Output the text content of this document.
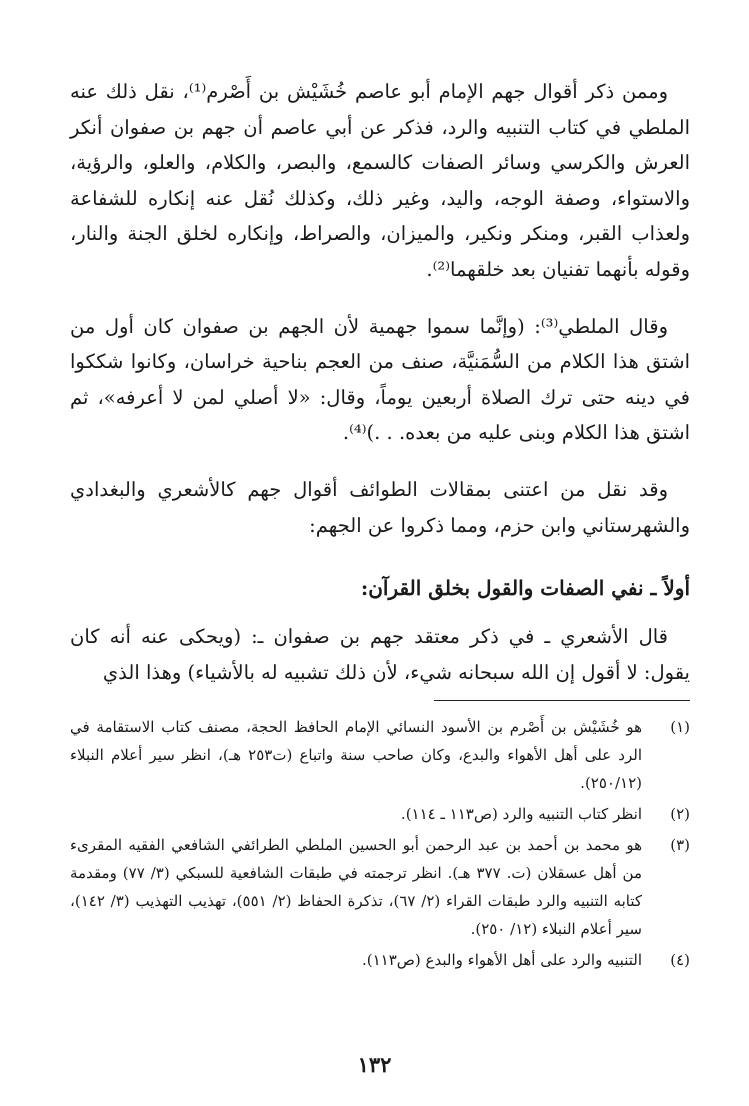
وممن ذكر أقوال جهم الإمام أبو عاصم خُشَيْش بن أَصْرم⁽¹⁾، نقل ذلك عنه الملطي في كتاب التنبيه والرد، فذكر عن أبي عاصم أن جهم بن صفوان أنكر العرش والكرسي وسائر الصفات كالسمع، والبصر، والكلام، والعلو، والرؤية، والاستواء، وصفة الوجه، واليد، وغير ذلك، وكذلك نُقل عنه إنكاره للشفاعة ولعذاب القبر، ومنكر ونكير، والميزان، والصراط، وإنكاره لخلق الجنة والنار، وقوله بأنهما تفنيان بعد خلقهما⁽²⁾.

وقال الملطي⁽³⁾: (وإنَّما سموا جهمية لأن الجهم بن صفوان كان أول من اشتق هذا الكلام من السُّمَنيَّة، صنف من العجم بناحية خراسان، وكانوا شككوا في دينه حتى ترك الصلاة أربعين يوماً، وقال: «لا أصلي لمن لا أعرفه»، ثم اشتق هذا الكلام وبنى عليه من بعده. . .)⁽⁴⁾.

وقد نقل من اعتنى بمقالات الطوائف أقوال جهم كالأشعري والبغدادي والشهرستاني وابن حزم، ومما ذكروا عن الجهم:

أولاً ـ نفي الصفات والقول بخلق القرآن:

قال الأشعري ـ في ذكر معتقد جهم بن صفوان ـ: (ويحكى عنه أنه كان يقول: لا أقول إن الله سبحانه شيء، لأن ذلك تشبيه له بالأشياء) وهذا الذي

(١)
هو خُشَيْش بن أَصْرم بن الأسود النسائي الإمام الحافظ الحجة، مصنف كتاب الاستقامة في الرد على أهل الأهواء والبدع، وكان صاحب سنة واتباع (ت٢٥٣ هـ)، انظر سير أعلام النبلاء (٢٥٠/١٢).
(٢)
انظر كتاب التنبيه والرد (ص١١٣ ـ ١١٤).
(٣)
هو محمد بن أحمد بن عبد الرحمن أبو الحسين الملطي الطرائفي الشافعي الفقيه المقرىء من أهل عسقلان (ت. ٣٧٧ هـ). انظر ترجمته في طبقات الشافعية للسبكي (٣/ ٧٧) ومقدمة كتابه التنبيه والرد طبقات القراء (٢/ ٦٧)، تذكرة الحفاظ (٢/ ٥٥١)، تهذيب التهذيب (٣/ ١٤٢)، سير أعلام النبلاء (١٢/ ٢٥٠).
(٤)
التنبيه والرد على أهل الأهواء والبدع (ص١١٣).
١٣٢
